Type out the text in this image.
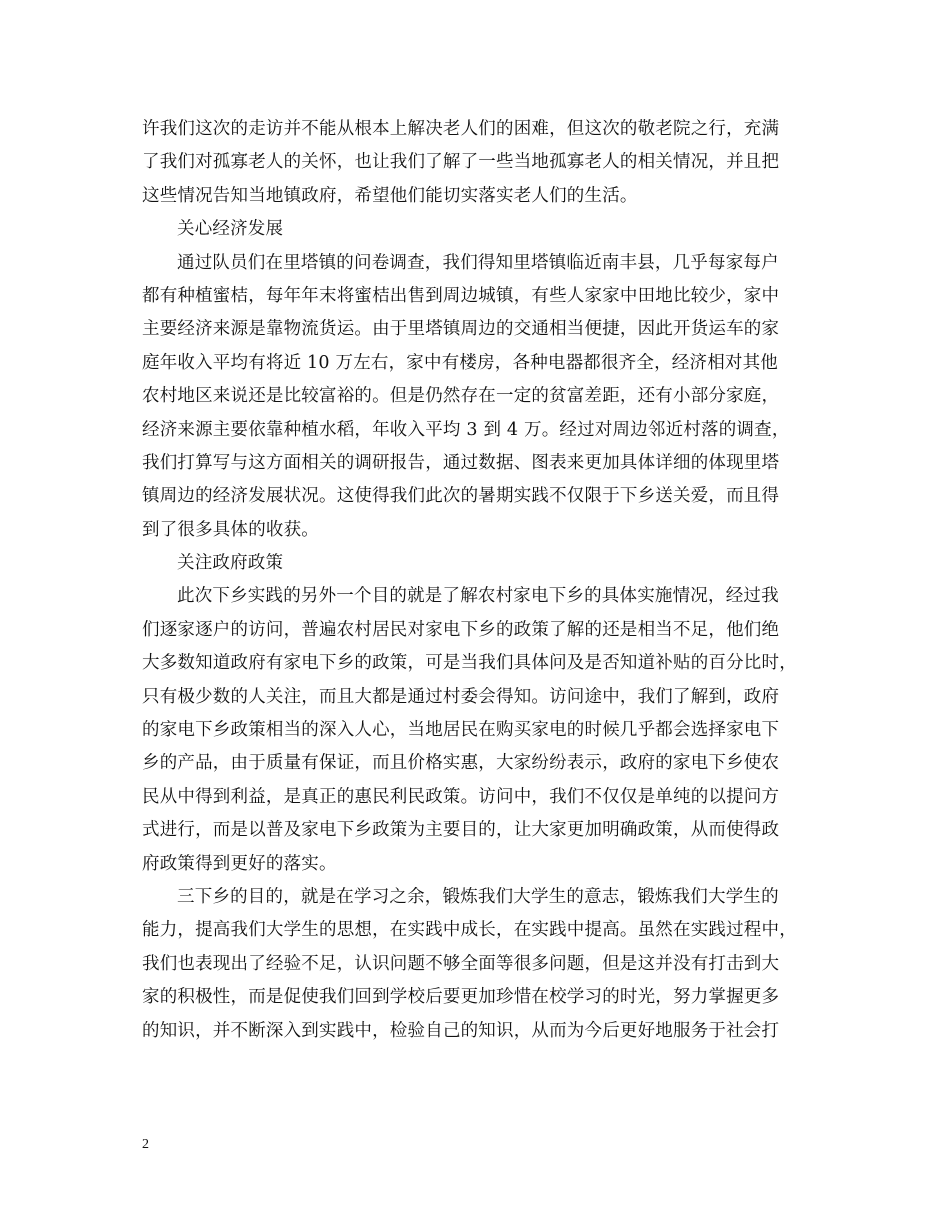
许我们这次的走访并不能从根本上解决老人们的困难，但这次的敬老院之行，充满
了我们对孤寡老人的关怀，也让我们了解了一些当地孤寡老人的相关情况，并且把
这些情况告知当地镇政府，希望他们能切实落实老人们的生活。
关心经济发展
通过队员们在里塔镇的问卷调查，我们得知里塔镇临近南丰县，几乎每家每户
都有种植蜜桔，每年年末将蜜桔出售到周边城镇，有些人家家中田地比较少，家中
主要经济来源是靠物流货运。由于里塔镇周边的交通相当便捷，因此开货运车的家
庭年收入平均有将近 10 万左右，家中有楼房，各种电器都很齐全，经济相对其他
农村地区来说还是比较富裕的。但是仍然存在一定的贫富差距，还有小部分家庭，
经济来源主要依靠种植水稻，年收入平均 3 到 4 万。经过对周边邻近村落的调查，
我们打算写与这方面相关的调研报告，通过数据、图表来更加具体详细的体现里塔
镇周边的经济发展状况。这使得我们此次的暑期实践不仅限于下乡送关爱，而且得
到了很多具体的收获。
关注政府政策
此次下乡实践的另外一个目的就是了解农村家电下乡的具体实施情况，经过我
们逐家逐户的访问，普遍农村居民对家电下乡的政策了解的还是相当不足，他们绝
大多数知道政府有家电下乡的政策，可是当我们具体问及是否知道补贴的百分比时，
只有极少数的人关注，而且大都是通过村委会得知。访问途中，我们了解到，政府
的家电下乡政策相当的深入人心，当地居民在购买家电的时候几乎都会选择家电下
乡的产品，由于质量有保证，而且价格实惠，大家纷纷表示，政府的家电下乡使农
民从中得到利益，是真正的惠民利民政策。访问中，我们不仅仅是单纯的以提问方
式进行，而是以普及家电下乡政策为主要目的，让大家更加明确政策，从而使得政
府政策得到更好的落实。
三下乡的目的，就是在学习之余，锻炼我们大学生的意志，锻炼我们大学生的
能力，提高我们大学生的思想，在实践中成长，在实践中提高。虽然在实践过程中，
我们也表现出了经验不足，认识问题不够全面等很多问题，但是这并没有打击到大
家的积极性，而是促使我们回到学校后要更加珍惜在校学习的时光，努力掌握更多
的知识，并不断深入到实践中，检验自己的知识，从而为今后更好地服务于社会打
2
